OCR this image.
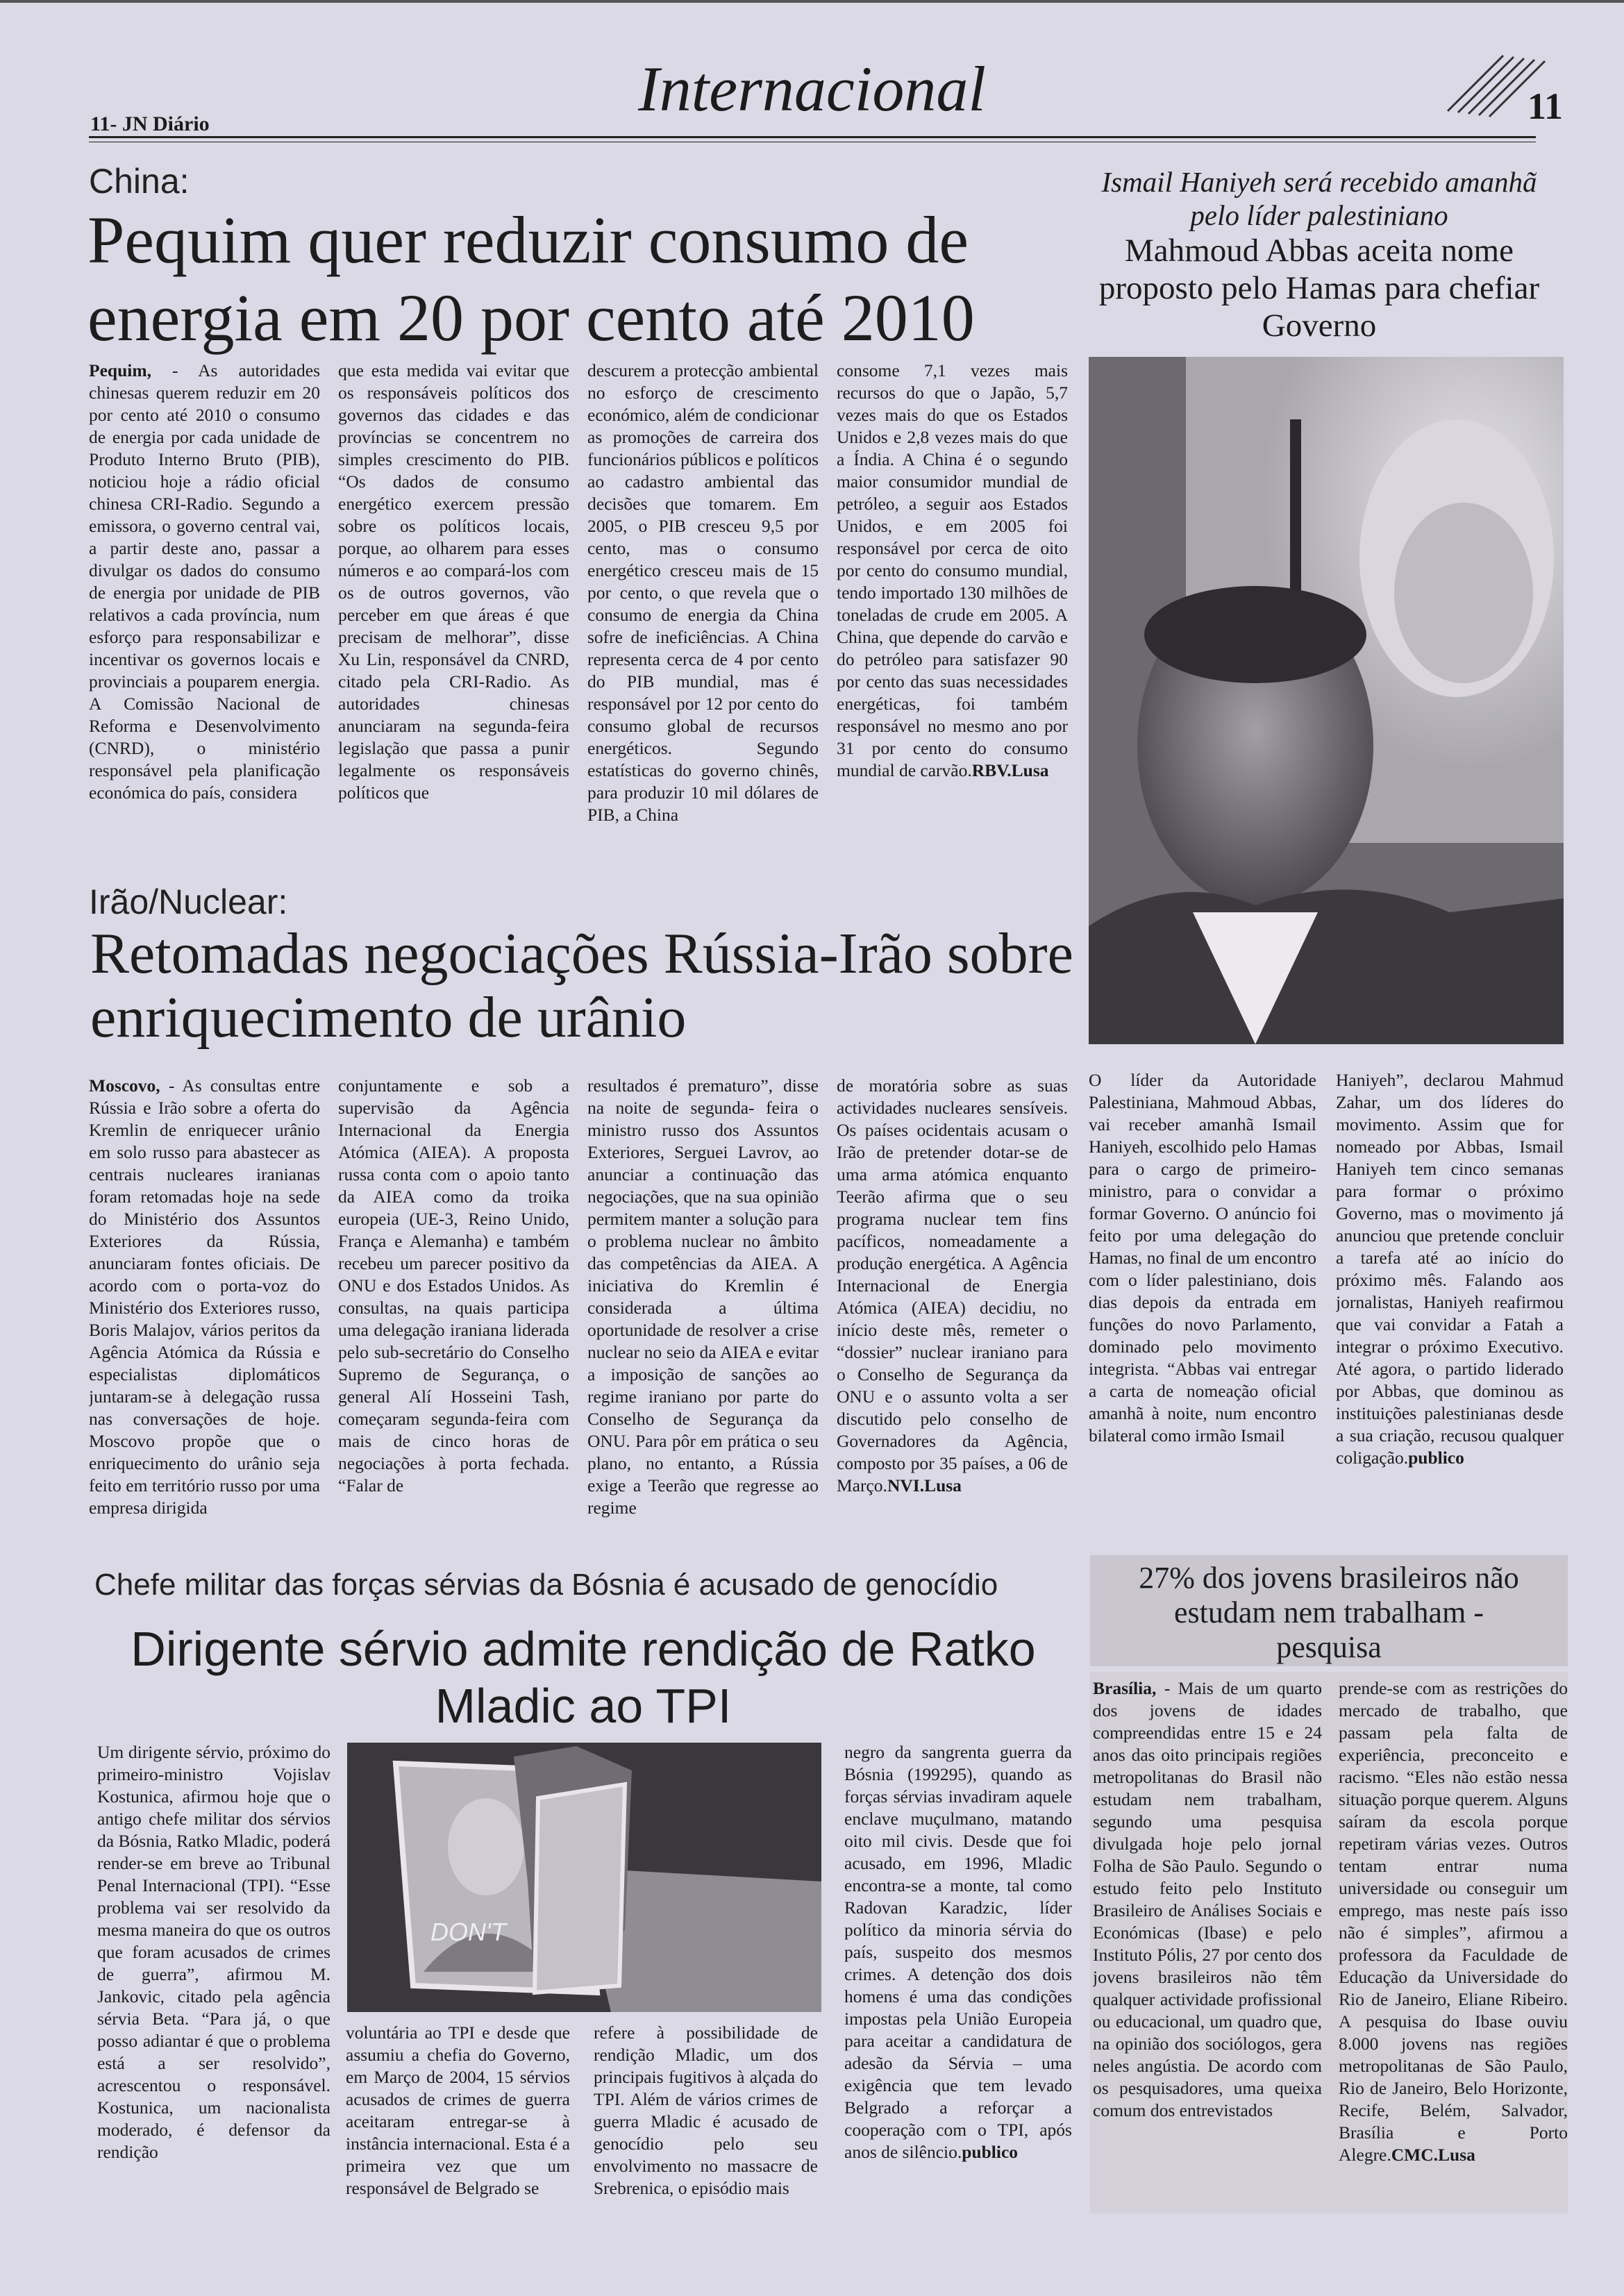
11- JN Diário	Internacional	11
China:
Pequim quer reduzir consumo de energia em 20 por cento até 2010

Pequim, - As autoridades chinesas querem reduzir em 20 por cento até 2010 o consumo de energia por cada unidade de Produto Interno Bruto (PIB), noticiou hoje a rádio oficial chinesa CRI-Radio. Segundo a emissora, o governo central vai, a partir deste ano, passar a divulgar os dados do consumo de energia por unidade de PIB relativos a cada província, num esforço para responsabilizar e incentivar os governos locais e provinciais a pouparem energia. A Comissão Nacional de Reforma e Desenvolvimento (CNRD), o ministério responsável pela planificação económica do país, considera

que esta medida vai evitar que os responsáveis políticos dos governos das cidades e das províncias se concentrem no simples crescimento do PIB. “Os dados de consumo energético exercem pressão sobre os políticos locais, porque, ao olharem para esses números e ao compará-los com os de outros governos, vão perceber em que áreas é que precisam de melhorar”, disse Xu Lin, responsável da CNRD, citado pela CRI-Radio. As autoridades chinesas anunciaram na segunda-feira legislação que passa a punir legalmente os responsáveis políticos que

descurem a protecção ambiental no esforço de crescimento económico, além de condicionar as promoções de carreira dos funcionários públicos e políticos ao cadastro ambiental das decisões que tomarem. Em 2005, o PIB cresceu 9,5 por cento, mas o consumo energético cresceu mais de 15 por cento, o que revela que o consumo de energia da China sofre de ineficiências. A China representa cerca de 4 por cento do PIB mundial, mas é responsável por 12 por cento do consumo global de recursos energéticos. Segundo estatísticas do governo chinês, para produzir 10 mil dólares de PIB, a China

consome 7,1 vezes mais recursos do que o Japão, 5,7 vezes mais do que os Estados Unidos e 2,8 vezes mais do que a Índia. A China é o segundo maior consumidor mundial de petróleo, a seguir aos Estados Unidos, e em 2005 foi responsável por cerca de oito por cento do consumo mundial, tendo importado 130 milhões de toneladas de crude em 2005. A China, que depende do carvão e do petróleo para satisfazer 90 por cento das suas necessidades energéticas, foi também responsável no mesmo ano por 31 por cento do consumo mundial de carvão.RBV.Lusa

Ismail Haniyeh será recebido amanhã pelo líder palestiniano
Mahmoud Abbas aceita nome proposto pelo Hamas para chefiar Governo

O líder da Autoridade Palestiniana, Mahmoud Abbas, vai receber amanhã Ismail Haniyeh, escolhido pelo Hamas para o cargo de primeiro-ministro, para o convidar a formar Governo. O anúncio foi feito por uma delegação do Hamas, no final de um encontro com o líder palestiniano, dois dias depois da entrada em funções do novo Parlamento, dominado pelo movimento integrista. “Abbas vai entregar a carta de nomeação oficial amanhã à noite, num encontro bilateral como irmão Ismail

Haniyeh”, declarou Mahmud Zahar, um dos líderes do movimento. Assim que for nomeado por Abbas, Ismail Haniyeh tem cinco semanas para formar o próximo Governo, mas o movimento já anunciou que pretende concluir a tarefa até ao início do próximo mês. Falando aos jornalistas, Haniyeh reafirmou que vai convidar a Fatah a integrar o próximo Executivo. Até agora, o partido liderado por Abbas, que dominou as instituições palestinianas desde a sua criação, recusou qualquer coligação.publico

Irão/Nuclear:
Retomadas negociações Rússia-Irão sobre enriquecimento de urânio

Moscovo, - As consultas entre Rússia e Irão sobre a oferta do Kremlin de enriquecer urânio em solo russo para abastecer as centrais nucleares iranianas foram retomadas hoje na sede do Ministério dos Assuntos Exteriores da Rússia, anunciaram fontes oficiais. De acordo com o porta-voz do Ministério dos Exteriores russo, Boris Malajov, vários peritos da Agência Atómica da Rússia e especialistas diplomáticos juntaram-se à delegação russa nas conversações de hoje. Moscovo propõe que o enriquecimento do urânio seja feito em território russo por uma empresa dirigida

conjuntamente e sob a supervisão da Agência Internacional da Energia Atómica (AIEA). A proposta russa conta com o apoio tanto da AIEA como da troika europeia (UE-3, Reino Unido, França e Alemanha) e também recebeu um parecer positivo da ONU e dos Estados Unidos. As consultas, na quais participa uma delegação iraniana liderada pelo sub-secretário do Conselho Supremo de Segurança, o general Alí Hosseini Tash, começaram segunda-feira com mais de cinco horas de negociações à porta fechada. “Falar de

resultados é prematuro”, disse na noite de segunda- feira o ministro russo dos Assuntos Exteriores, Serguei Lavrov, ao anunciar a continuação das negociações, que na sua opinião permitem manter a solução para o problema nuclear no âmbito das competências da AIEA. A iniciativa do Kremlin é considerada a última oportunidade de resolver a crise nuclear no seio da AIEA e evitar a imposição de sanções ao regime iraniano por parte do Conselho de Segurança da ONU. Para pôr em prática o seu plano, no entanto, a Rússia exige a Teerão que regresse ao regime

de moratória sobre as suas actividades nucleares sensíveis. Os países ocidentais acusam o Irão de pretender dotar-se de uma arma atómica enquanto Teerão afirma que o seu programa nuclear tem fins pacíficos, nomeadamente a produção energética. A Agência Internacional de Energia Atómica (AIEA) decidiu, no início deste mês, remeter o “dossier” nuclear iraniano para o Conselho de Segurança da ONU e o assunto volta a ser discutido pelo conselho de Governadores da Agência, composto por 35 países, a 06 de Março.NVI.Lusa

Chefe militar das forças sérvias da Bósnia é acusado de genocídio
Dirigente sérvio admite rendição de Ratko Mladic ao TPI

Um dirigente sérvio, próximo do primeiro-ministro Vojislav Kostunica, afirmou hoje que o antigo chefe militar dos sérvios da Bósnia, Ratko Mladic, poderá render-se em breve ao Tribunal Penal Internacional (TPI). “Esse problema vai ser resolvido da mesma maneira do que os outros que foram acusados de crimes de guerra”, afirmou M. Jankovic, citado pela agência sérvia Beta. “Para já, o que posso adiantar é que o problema está a ser resolvido”, acrescentou o responsável. Kostunica, um nacionalista moderado, é defensor da rendição

DON'T

voluntária ao TPI e desde que assumiu a chefia do Governo, em Março de 2004, 15 sérvios acusados de crimes de guerra aceitaram entregar-se à instância internacional. Esta é a primeira vez que um responsável de Belgrado se

refere à possibilidade de rendição Mladic, um dos principais fugitivos à alçada do TPI. Além de vários crimes de guerra Mladic é acusado de genocídio pelo seu envolvimento no massacre de Srebrenica, o episódio mais

negro da sangrenta guerra da Bósnia (199295), quando as forças sérvias invadiram aquele enclave muçulmano, matando oito mil civis. Desde que foi acusado, em 1996, Mladic encontra-se a monte, tal como Radovan Karadzic, líder político da minoria sérvia do país, suspeito dos mesmos crimes. A detenção dos dois homens é uma das condições impostas pela União Europeia para aceitar a candidatura de adesão da Sérvia – uma exigência que tem levado Belgrado a reforçar a cooperação com o TPI, após anos de silêncio.publico

27% dos jovens brasileiros não estudam nem trabalham - pesquisa

Brasília, - Mais de um quarto dos jovens de idades compreendidas entre 15 e 24 anos das oito principais regiões metropolitanas do Brasil não estudam nem trabalham, segundo uma pesquisa divulgada hoje pelo jornal Folha de São Paulo. Segundo o estudo feito pelo Instituto Brasileiro de Análises Sociais e Económicas (Ibase) e pelo Instituto Pólis, 27 por cento dos jovens brasileiros não têm qualquer actividade profissional ou educacional, um quadro que, na opinião dos sociólogos, gera neles angústia. De acordo com os pesquisadores, uma queixa comum dos entrevistados

prende-se com as restrições do mercado de trabalho, que passam pela falta de experiência, preconceito e racismo. “Eles não estão nessa situação porque querem. Alguns saíram da escola porque repetiram várias vezes. Outros tentam entrar numa universidade ou conseguir um emprego, mas neste país isso não é simples”, afirmou a professora da Faculdade de Educação da Universidade do Rio de Janeiro, Eliane Ribeiro. A pesquisa do Ibase ouviu 8.000 jovens nas regiões metropolitanas de São Paulo, Rio de Janeiro, Belo Horizonte, Recife, Belém, Salvador, Brasília e Porto Alegre.CMC.Lusa
